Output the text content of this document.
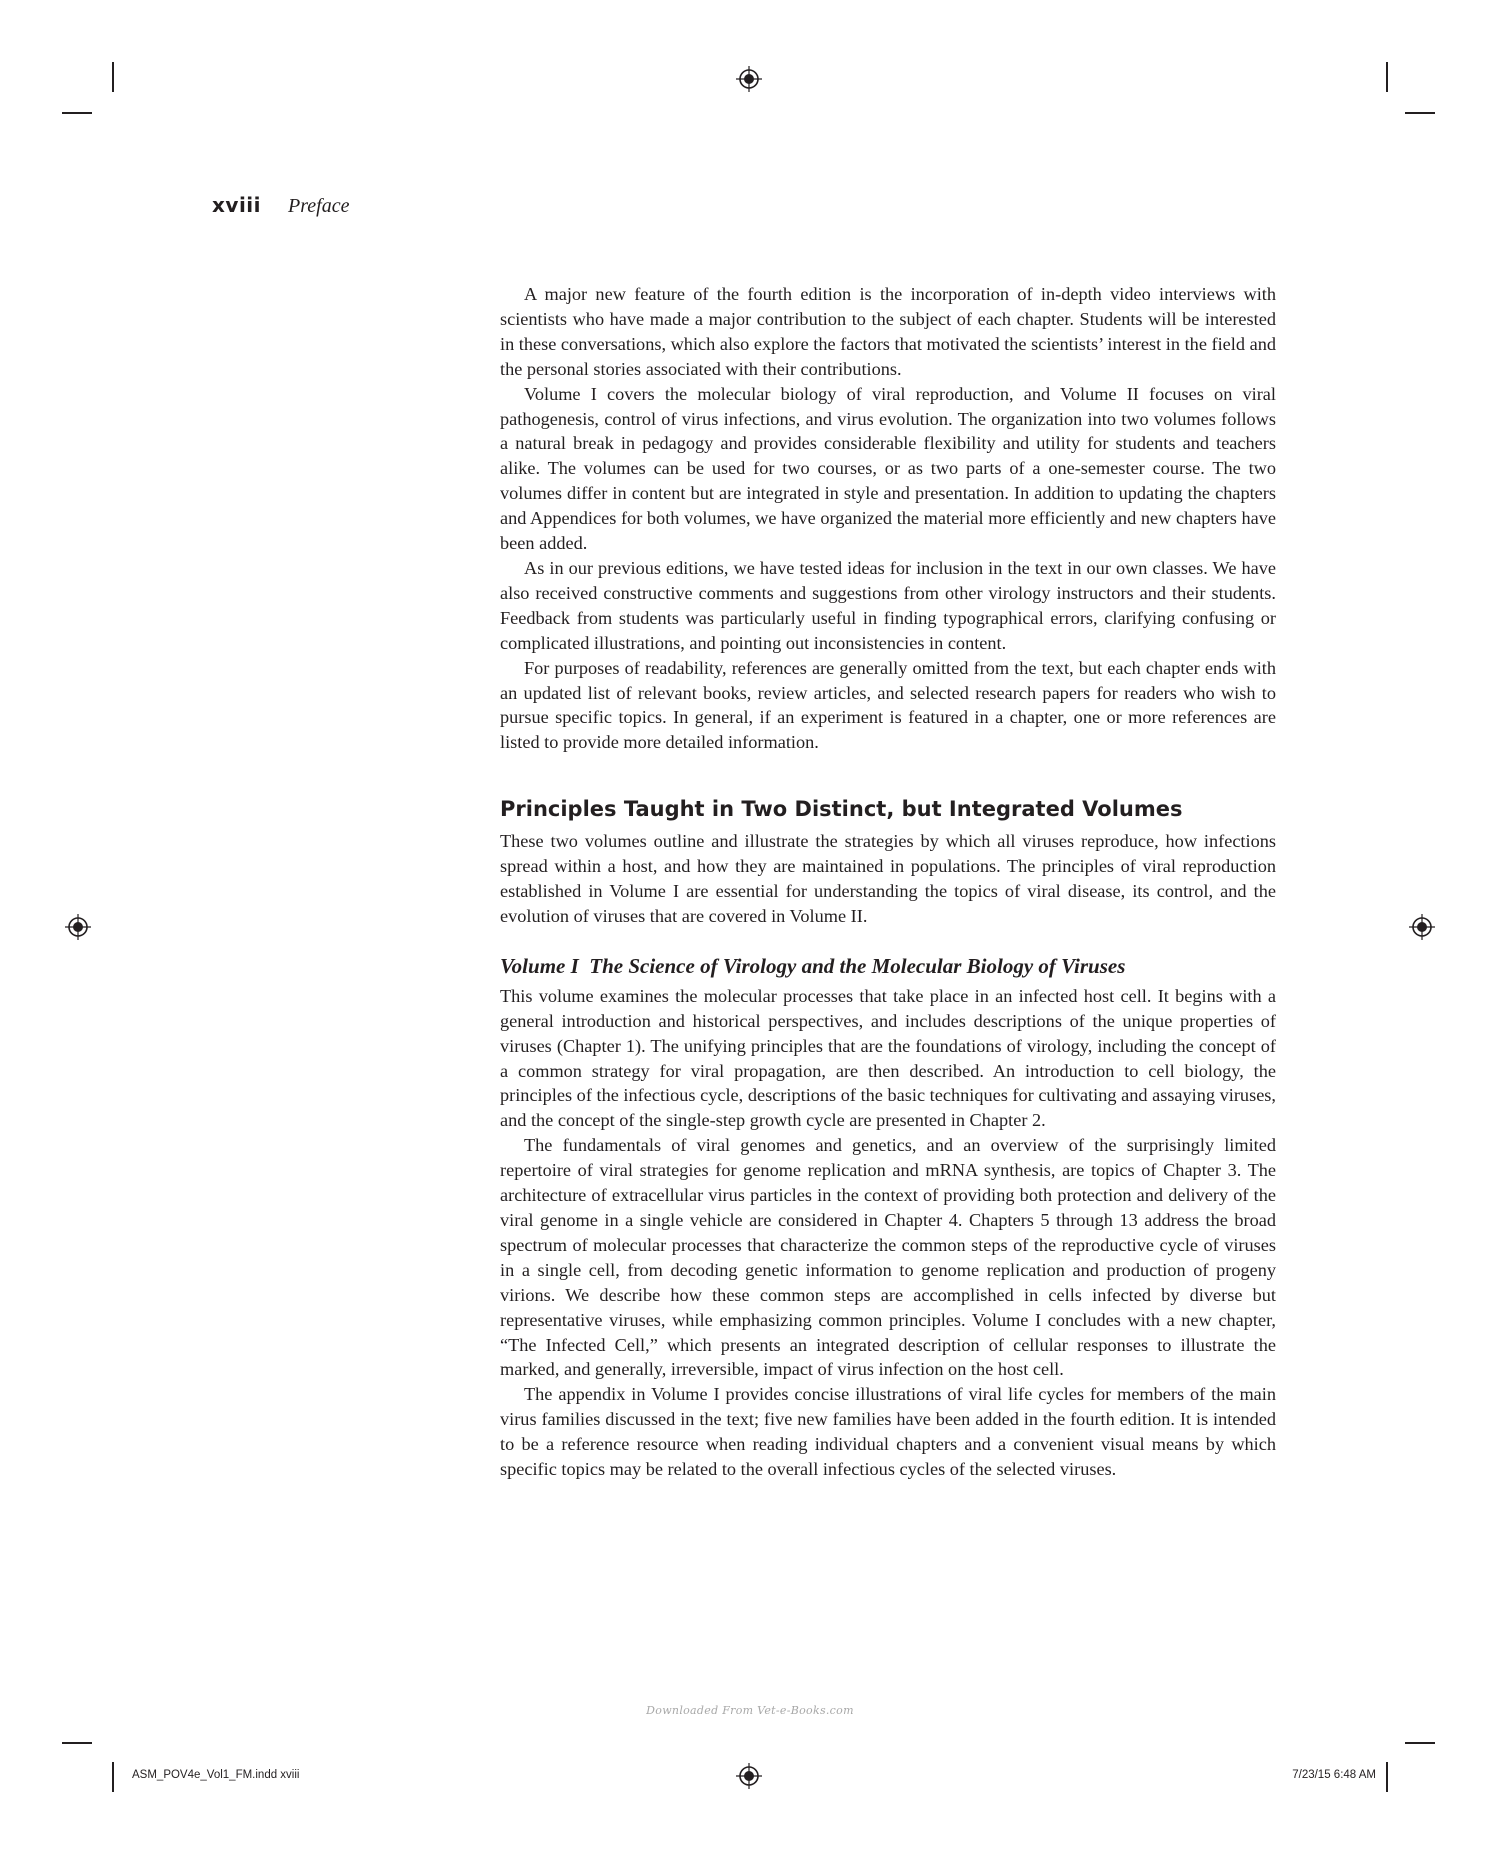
xviii Preface

A major new feature of the fourth edition is the incorporation of in-depth video interviews with scientists who have made a major contribution to the subject of each chapter. Students will be interested in these conversations, which also explore the factors that motivated the scientists’ interest in the field and the personal stories associated with their contributions.

Volume I covers the molecular biology of viral reproduction, and Volume II focuses on viral pathogenesis, control of virus infections, and virus evolution. The organization into two volumes follows a natural break in pedagogy and provides considerable flexibility and utility for students and teachers alike. The volumes can be used for two courses, or as two parts of a one-semester course. The two volumes differ in content but are integrated in style and presentation. In addition to updating the chapters and Appendices for both volumes, we have organized the material more efficiently and new chapters have been added.

As in our previous editions, we have tested ideas for inclusion in the text in our own classes. We have also received constructive comments and suggestions from other virology instructors and their students. Feedback from students was particularly useful in finding typographical errors, clarifying confusing or complicated illustrations, and pointing out inconsistencies in content.

For purposes of readability, references are generally omitted from the text, but each chapter ends with an updated list of relevant books, review articles, and selected research papers for readers who wish to pursue specific topics. In general, if an experiment is featured in a chapter, one or more references are listed to provide more detailed information.

Principles Taught in Two Distinct, but Integrated Volumes

These two volumes outline and illustrate the strategies by which all viruses reproduce, how infections spread within a host, and how they are maintained in populations. The principles of viral reproduction established in Volume I are essential for understanding the topics of viral disease, its control, and the evolution of viruses that are covered in Volume II.

Volume I  The Science of Virology and the Molecular Biology of Viruses

This volume examines the molecular processes that take place in an infected host cell. It begins with a general introduction and historical perspectives, and includes descriptions of the unique properties of viruses (Chapter 1). The unifying principles that are the foundations of virology, including the concept of a common strategy for viral propagation, are then described. An introduction to cell biology, the principles of the infectious cycle, descriptions of the basic techniques for cultivating and assaying viruses, and the concept of the single-step growth cycle are presented in Chapter 2.

The fundamentals of viral genomes and genetics, and an overview of the surprisingly limited repertoire of viral strategies for genome replication and mRNA synthesis, are topics of Chapter 3. The architecture of extracellular virus particles in the context of providing both protection and delivery of the viral genome in a single vehicle are considered in Chapter 4. Chapters 5 through 13 address the broad spectrum of molecular processes that characterize the common steps of the reproductive cycle of viruses in a single cell, from decoding genetic information to genome replication and production of progeny virions. We describe how these common steps are accomplished in cells infected by diverse but representative viruses, while emphasizing common principles. Volume I concludes with a new chapter, “The Infected Cell,” which presents an integrated description of cellular responses to illustrate the marked, and generally, irreversible, impact of virus infection on the host cell.

The appendix in Volume I provides concise illustrations of viral life cycles for members of the main virus families discussed in the text; five new families have been added in the fourth edition. It is intended to be a reference resource when reading individual chapters and a convenient visual means by which specific topics may be related to the overall infectious cycles of the selected viruses.

Downloaded From Vet-e-Books.com
ASM_POV4e_Vol1_FM.indd xviii	7/23/15 6:48 AM
